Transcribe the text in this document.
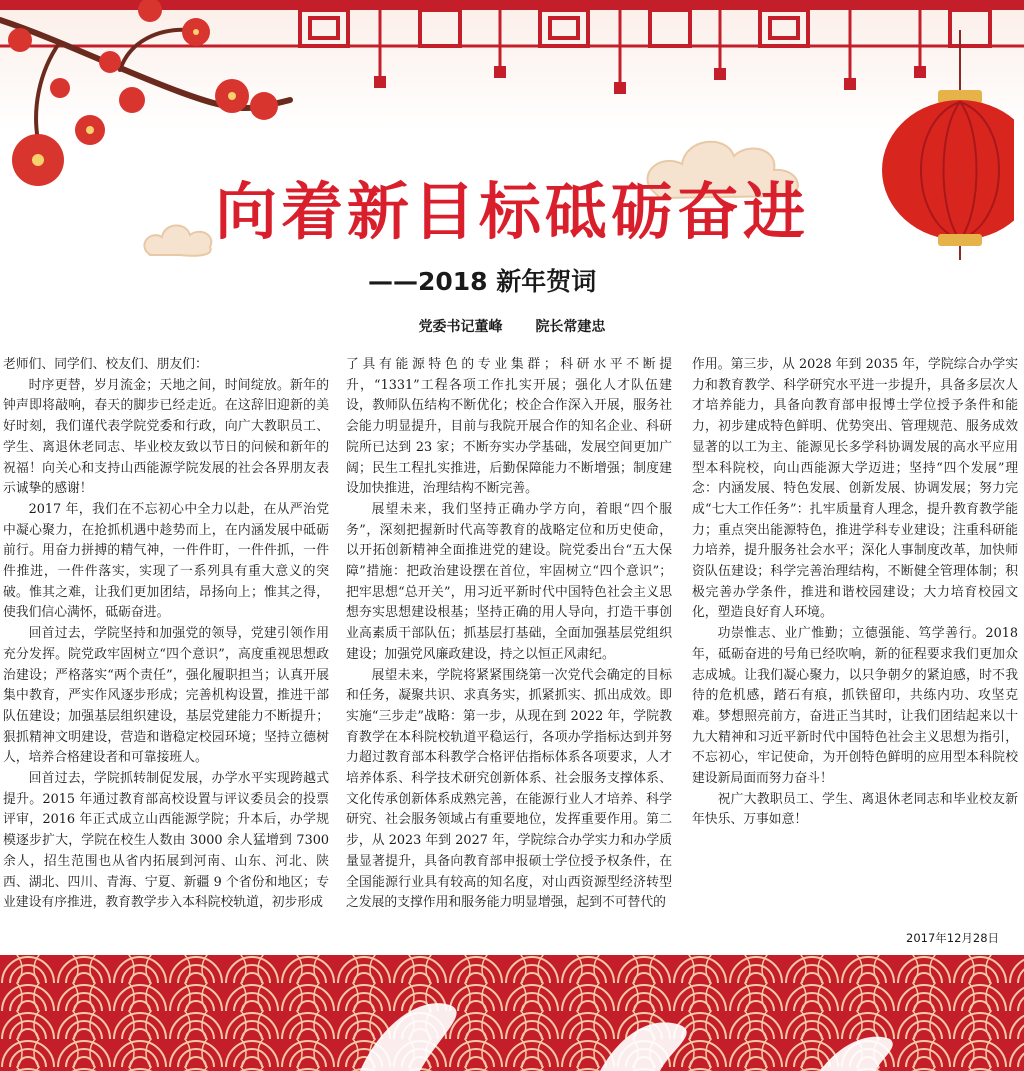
向着新目标砥砺奋进
——2018 新年贺词
党委书记董峰 院长常建忠

老师们、同学们、校友们、朋友们：

时序更替，岁月流金；天地之间，时间绽放。新年的钟声即将敲响，春天的脚步已经走近。在这辞旧迎新的美好时刻，我们谨代表学院党委和行政，向广大教职员工、学生、离退休老同志、毕业校友致以节日的问候和新年的祝福！向关心和支持山西能源学院发展的社会各界朋友表示诚挚的感谢！

2017 年，我们在不忘初心中全力以赴，在从严治党中凝心聚力，在抢抓机遇中趁势而上，在内涵发展中砥砺前行。用奋力拼搏的精气神，一件件盯，一件件抓，一件件推进，一件件落实，实现了一系列具有重大意义的突破。惟其之难，让我们更加团结，昂扬向上；惟其之得，使我们信心满怀，砥砺奋进。

回首过去，学院坚持和加强党的领导，党建引领作用充分发挥。院党政牢固树立“四个意识”，高度重视思想政治建设；严格落实“两个责任”，强化履职担当；认真开展集中教育，严实作风逐步形成；完善机构设置，推进干部队伍建设；加强基层组织建设，基层党建能力不断提升；狠抓精神文明建设，营造和谐稳定校园环境；坚持立德树人，培养合格建设者和可靠接班人。

回首过去，学院抓转制促发展，办学水平实现跨越式提升。2015 年通过教育部高校设置与评议委员会的投票评审，2016 年正式成立山西能源学院；升本后，办学规模逐步扩大，学院在校生人数由 3000 余人猛增到 7300 余人，招生范围也从省内拓展到河南、山东、河北、陕西、湖北、四川、青海、宁夏、新疆 9 个省份和地区；专业建设有序推进，教育教学步入本科院校轨道，初步形成

了具有能源特色的专业集群；科研水平不断提升，“1331”工程各项工作扎实开展；强化人才队伍建设，教师队伍结构不断优化；校企合作深入开展，服务社会能力明显提升，目前与我院开展合作的知名企业、科研院所已达到 23 家；不断夯实办学基础，发展空间更加广阔；民生工程扎实推进，后勤保障能力不断增强；制度建设加快推进，治理结构不断完善。

展望未来，我们坚持正确办学方向，着眼“四个服务”，深刻把握新时代高等教育的战略定位和历史使命，以开拓创新精神全面推进党的建设。院党委出台“五大保障”措施：把政治建设摆在首位，牢固树立“四个意识”；把牢思想“总开关”，用习近平新时代中国特色社会主义思想夯实思想建设根基；坚持正确的用人导向，打造干事创业高素质干部队伍；抓基层打基础，全面加强基层党组织建设；加强党风廉政建设，持之以恒正风肃纪。

展望未来，学院将紧紧围绕第一次党代会确定的目标和任务，凝聚共识、求真务实，抓紧抓实、抓出成效。即实施“三步走”战略：第一步，从现在到 2022 年，学院教育教学在本科院校轨道平稳运行，各项办学指标达到并努力超过教育部本科教学合格评估指标体系各项要求，人才培养体系、科学技术研究创新体系、社会服务支撑体系、文化传承创新体系成熟完善，在能源行业人才培养、科学研究、社会服务领域占有重要地位，发挥重要作用。第二步，从 2023 年到 2027 年，学院综合办学实力和办学质量显著提升，具备向教育部申报硕士学位授予权条件，在全国能源行业具有较高的知名度，对山西资源型经济转型之发展的支撑作用和服务能力明显增强，起到不可替代的

作用。第三步，从 2028 年到 2035 年，学院综合办学实力和教育教学、科学研究水平进一步提升，具备多层次人才培养能力，具备向教育部申报博士学位授予条件和能力，初步建成特色鲜明、优势突出、管理规范、服务成效显著的以工为主、能源见长多学科协调发展的高水平应用型本科院校，向山西能源大学迈进；坚持“四个发展”理念：内涵发展、特色发展、创新发展、协调发展；努力完成“七大工作任务”：扎牢质量育人理念，提升教育教学能力；重点突出能源特色，推进学科专业建设；注重科研能力培养，提升服务社会水平；深化人事制度改革，加快师资队伍建设；科学完善治理结构，不断健全管理体制；积极完善办学条件，推进和谐校园建设；大力培育校园文化，塑造良好育人环境。

功崇惟志、业广惟勤；立德强能、笃学善行。2018 年，砥砺奋进的号角已经吹响，新的征程要求我们更加众志成城。让我们凝心聚力，以只争朝夕的紧迫感，时不我待的危机感，踏石有痕，抓铁留印，共练内功、攻坚克难。梦想照亮前方，奋进正当其时，让我们团结起来以十九大精神和习近平新时代中国特色社会主义思想为指引，不忘初心，牢记使命，为开创特色鲜明的应用型本科院校建设新局面而努力奋斗！

祝广大教职员工、学生、离退休老同志和毕业校友新年快乐、万事如意！

2017年12月28日
